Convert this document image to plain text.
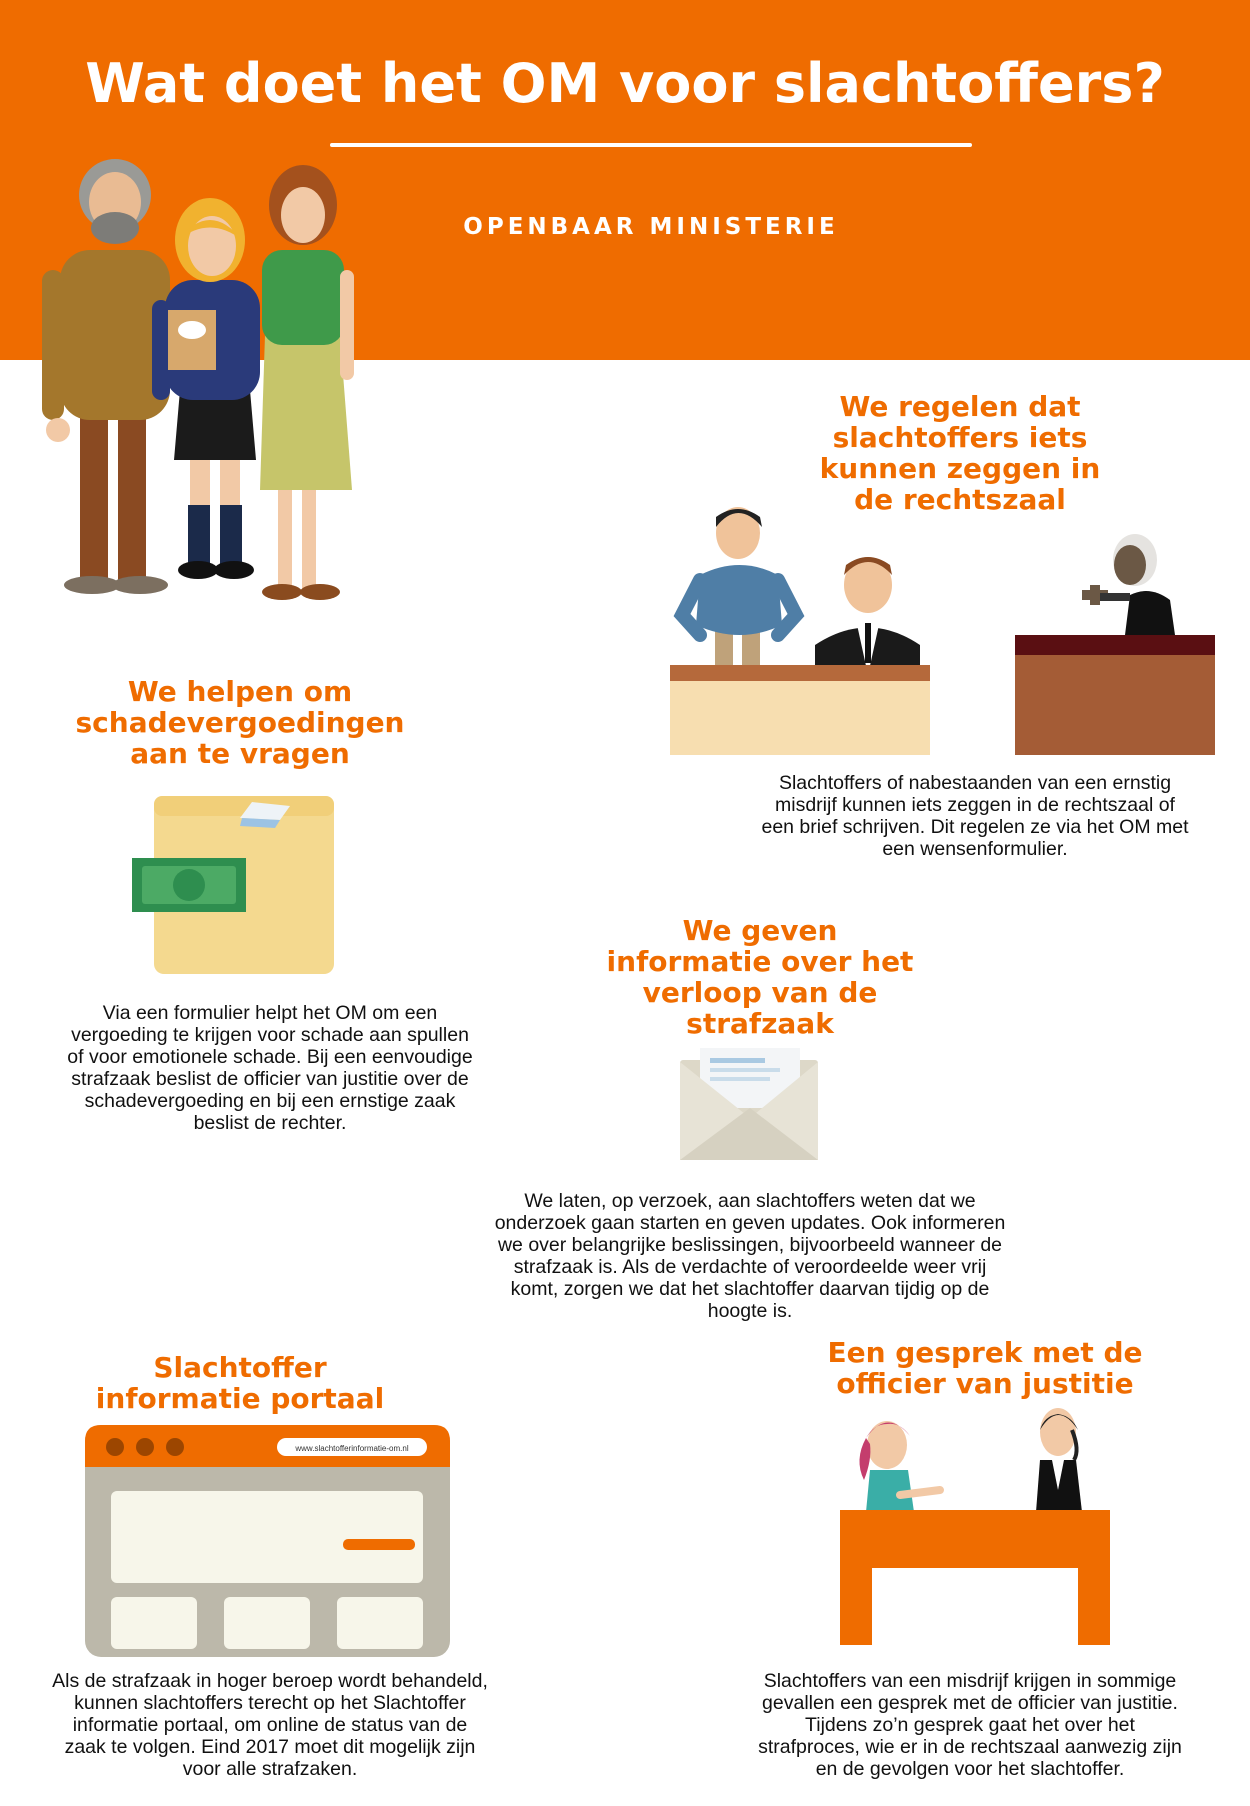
Wat doet het OM voor slachtoffers?
OPENBAAR MINISTERIE
We regelen dat
slachtoffers iets
kunnen zeggen in
de rechtszaal
Slachtoffers of nabestaanden van een ernstig
misdrijf kunnen iets zeggen in de rechtszaal of
een brief schrijven. Dit regelen ze via het OM met
een wensenformulier.
We helpen om
schadevergoedingen
aan te vragen
Via een formulier helpt het OM om een
vergoeding te krijgen voor schade aan spullen
of voor emotionele schade. Bij een eenvoudige
strafzaak beslist de officier van justitie over de
schadevergoeding en bij een ernstige zaak
beslist de rechter.
We geven
informatie over het
verloop van de
strafzaak
We laten, op verzoek, aan slachtoffers weten dat we
onderzoek gaan starten en geven updates. Ook informeren
we over belangrijke beslissingen, bijvoorbeeld wanneer de
strafzaak is. Als de verdachte of veroordeelde weer vrij
komt, zorgen we dat het slachtoffer daarvan tijdig op de
hoogte is.
Slachtoffer
informatie portaal
www.slachtofferinformatie-om.nl
Als de strafzaak in hoger beroep wordt behandeld,
kunnen slachtoffers terecht op het Slachtoffer
informatie portaal, om online de status van de
zaak te volgen. Eind 2017 moet dit mogelijk zijn
voor alle strafzaken.
Een gesprek met de
officier van justitie
Slachtoffers van een misdrijf krijgen in sommige
gevallen een gesprek met de officier van justitie.
Tijdens zo’n gesprek gaat het over het
strafproces, wie er in de rechtszaal aanwezig zijn
en de gevolgen voor het slachtoffer.
